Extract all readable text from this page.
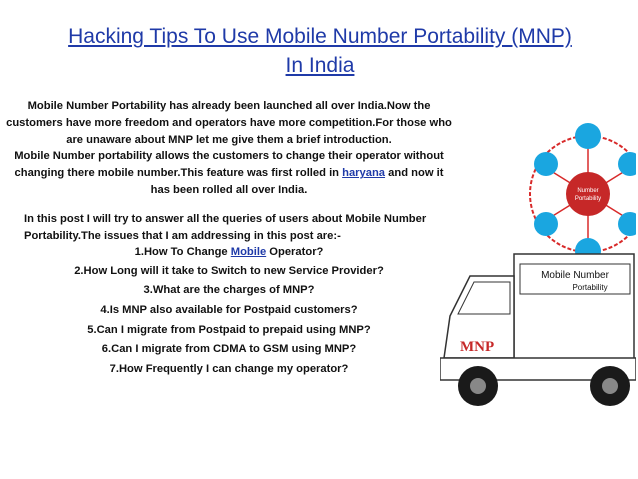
Hacking Tips To Use Mobile Number Portability (MNP) In India

Mobile Number Portability has already been launched all over India.Now the customers have more freedom and operators have more competition.For those who are unaware about MNP let me give them a brief introduction.

Mobile Number portability allows the customers to change their operator without changing there mobile number.This feature was first rolled in haryana and now it has been rolled all over India.

In this post I will try to answer all the queries of users about Mobile Number Portability.The issues that I am addressing in this post are:-

1.How To Change Mobile Operator?

2.How Long will it take to Switch to new Service Provider?

3.What are the charges of MNP?

4.Is MNP also available for Postpaid customers?

5.Can I migrate from Postpaid to prepaid using MNP?

6.Can I migrate from CDMA to GSM using MNP?

7.How Frequently I can change my operator?

Number
Portability
Mobile Number
Portability
MNP
